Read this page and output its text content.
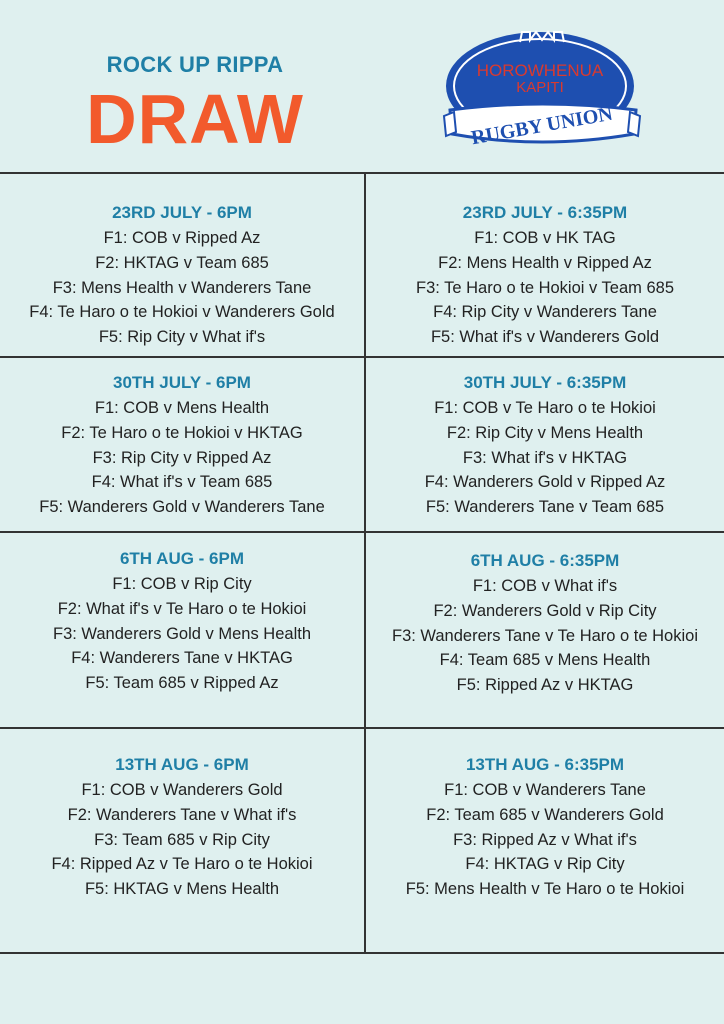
ROCK UP RIPPA
DRAW
HOROWHENUA
KAPITI
RUGBY UNION
23RD JULY - 6PM

F1: COB v Ripped Az

F2: HKTAG v Team 685

F3: Mens Health v Wanderers Tane

F4: Te Haro o te Hokioi v Wanderers Gold

F5: Rip City v What if's

23RD JULY - 6:35PM

F1: COB v HK TAG

F2: Mens Health v Ripped Az

F3: Te Haro o te Hokioi v Team 685

F4: Rip City v Wanderers Tane

F5: What if's v Wanderers Gold

30TH JULY - 6PM

F1: COB v Mens Health

F2: Te Haro o te Hokioi v HKTAG

F3: Rip City v Ripped Az

F4: What if's v Team 685

F5: Wanderers Gold v Wanderers Tane

30TH JULY - 6:35PM

F1: COB v Te Haro o te Hokioi

F2: Rip City v Mens Health

F3: What if's v HKTAG

F4: Wanderers Gold v Ripped Az

F5: Wanderers Tane v Team 685

6TH AUG - 6PM

F1: COB v Rip City

F2: What if's v Te Haro o te Hokioi

F3: Wanderers Gold v Mens Health

F4: Wanderers Tane v HKTAG

F5: Team 685 v Ripped Az

6TH AUG - 6:35PM

F1: COB v What if's

F2: Wanderers Gold v Rip City

F3: Wanderers Tane v Te Haro o te Hokioi

F4: Team 685 v Mens Health

F5: Ripped Az v HKTAG

13TH AUG - 6PM

F1: COB v Wanderers Gold

F2: Wanderers Tane v What if's

F3: Team 685 v Rip City

F4: Ripped Az v Te Haro o te Hokioi

F5: HKTAG v Mens Health

13TH AUG - 6:35PM

F1: COB v Wanderers Tane

F2: Team 685 v Wanderers Gold

F3: Ripped Az v What if's

F4: HKTAG v Rip City

F5: Mens Health v Te Haro o te Hokioi
